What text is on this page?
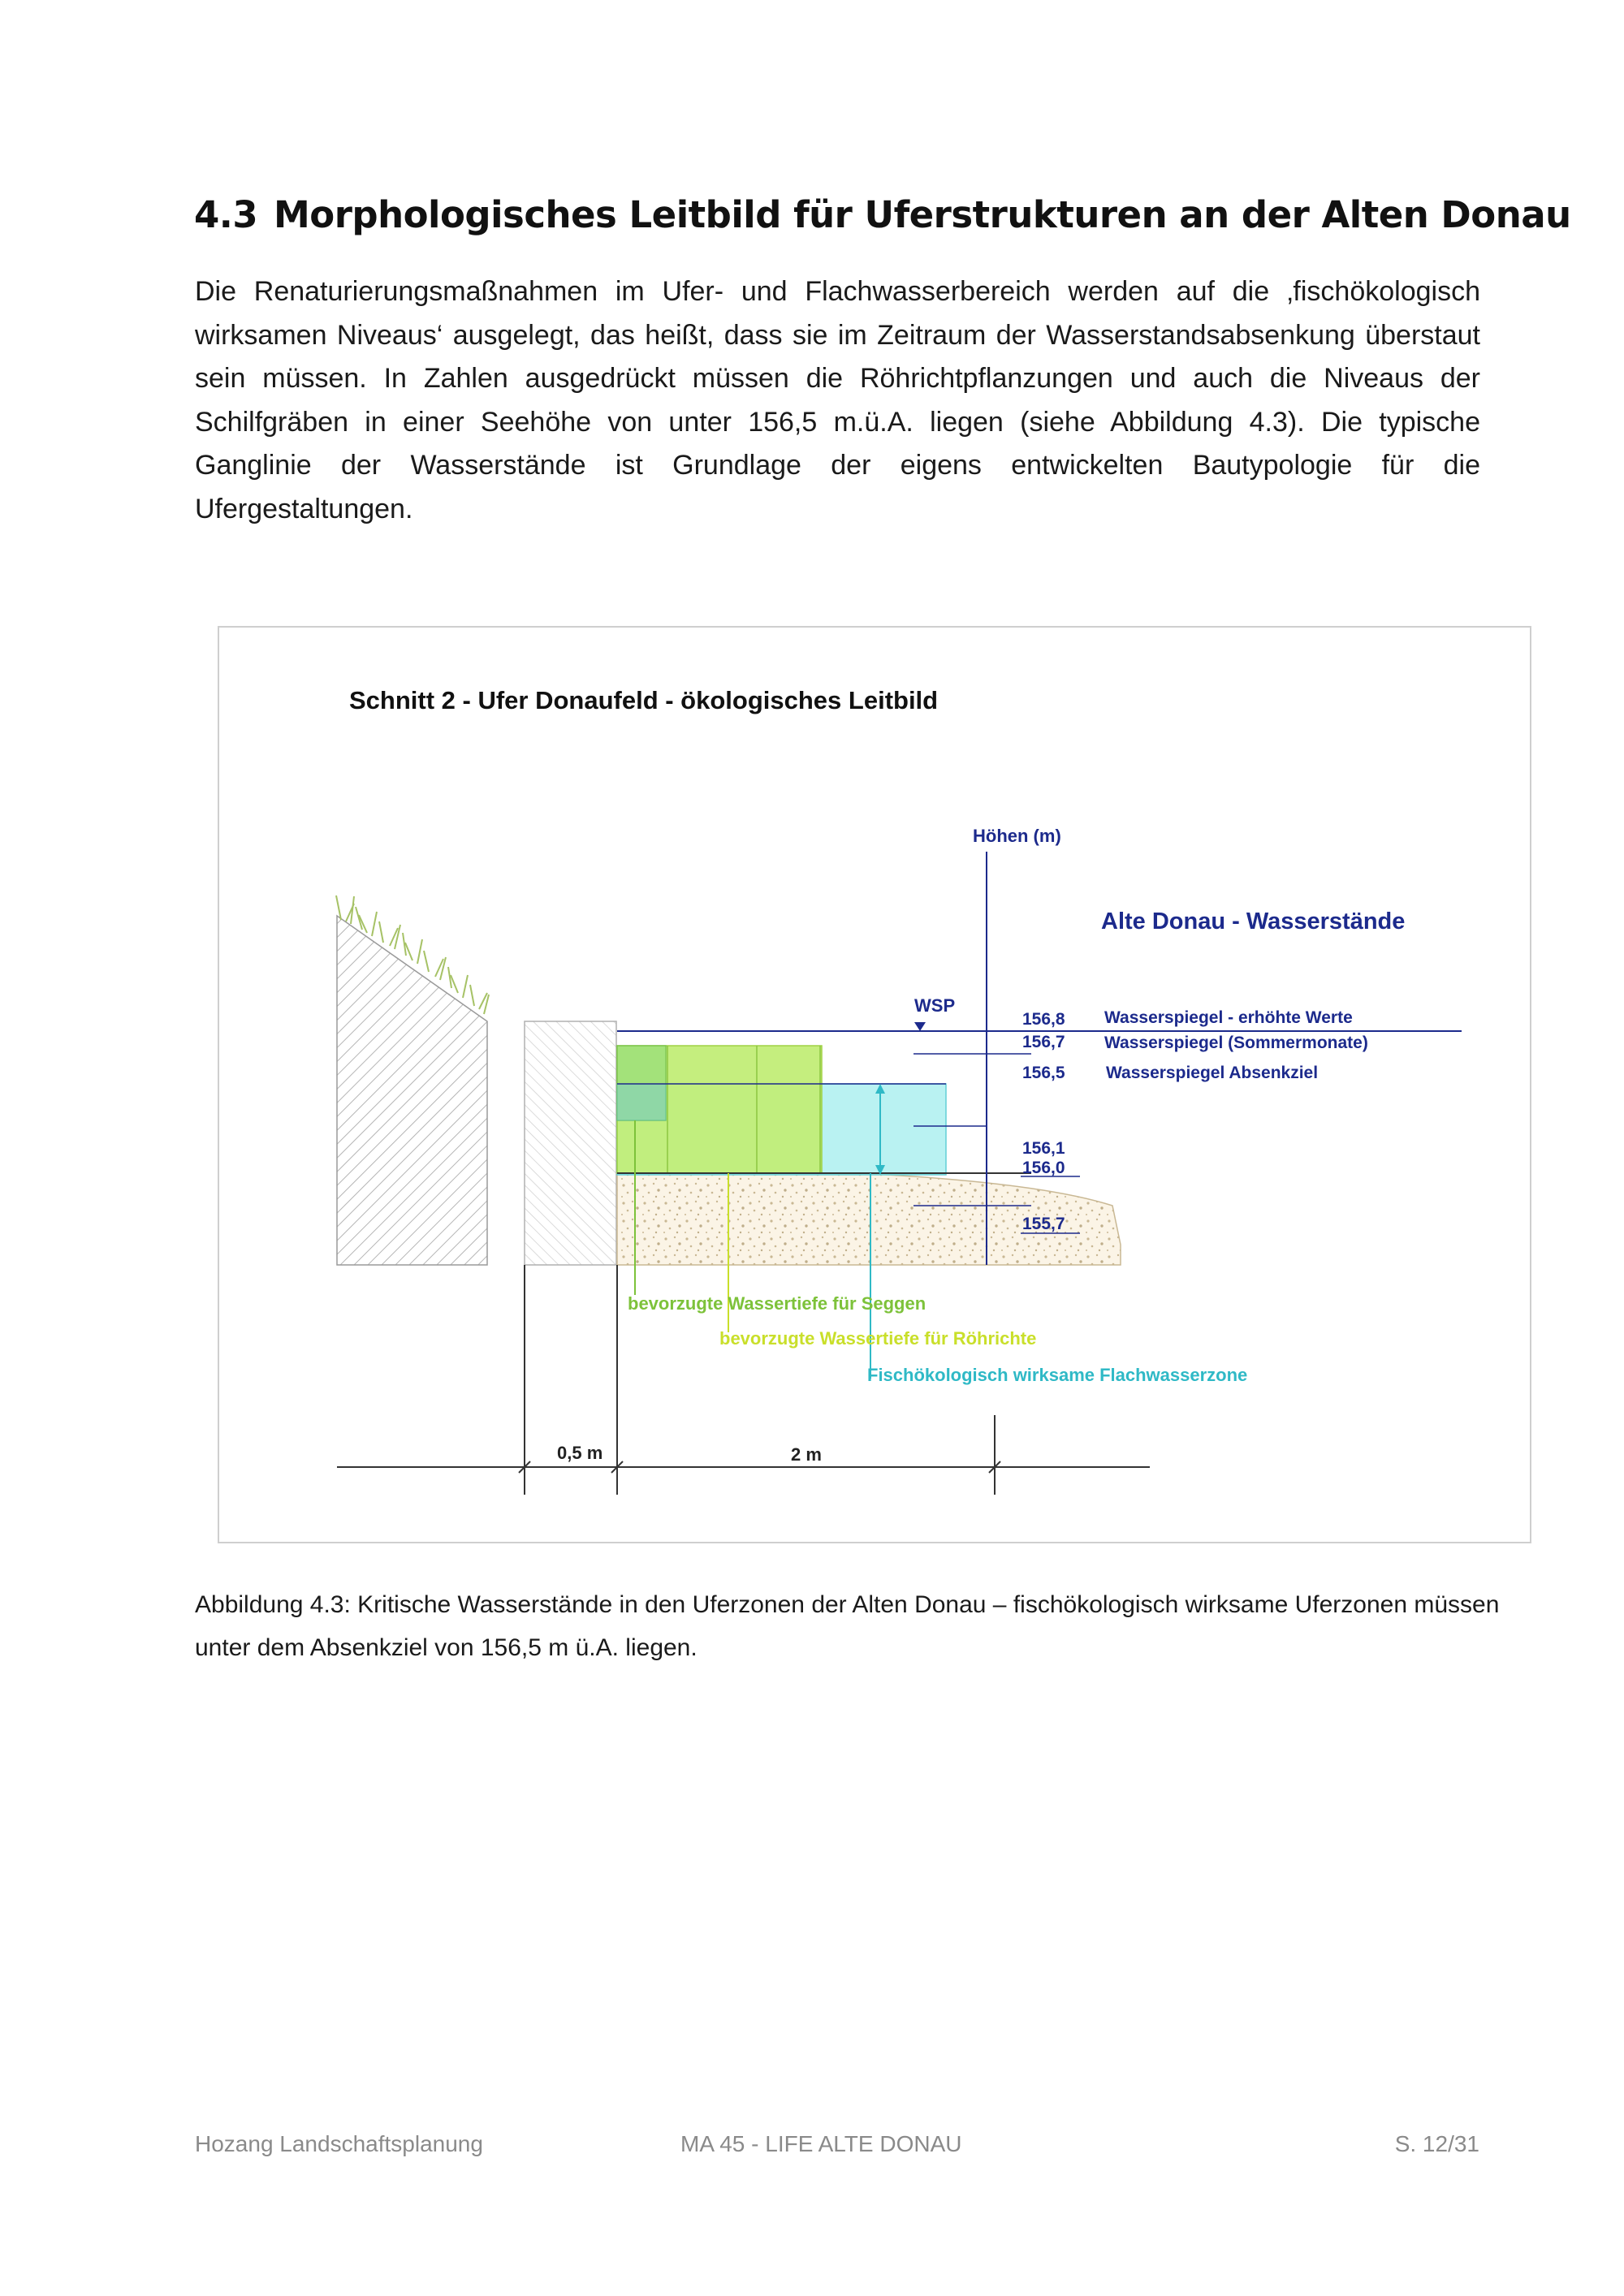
4.3 Morphologisches Leitbild für Uferstrukturen an der Alten Donau

Die Renaturierungsmaßnahmen im Ufer- und Flachwasserbereich werden auf die ‚fischökologisch wirksamen Niveaus‘ ausgelegt, das heißt, dass sie im Zeitraum der Wasserstandsabsenkung überstaut sein müssen. In Zahlen ausgedrückt müssen die Röhrichtpflanzungen und auch die Niveaus der Schilfgräben in einer Seehöhe von unter 156,5 m.ü.A. liegen (siehe Abbildung 4.3). Die typische Ganglinie der Wasserstände ist Grundlage der eigens entwickelten Bautypologie für die Ufergestaltungen.

Schnitt 2 - Ufer Donaufeld - ökologisches Leitbild
Höhen (m)
Alte Donau - Wasserstände
WSP
156,8 Wasserspiegel - erhöhte Werte
156,7 Wasserspiegel (Sommermonate)
156,5 Wasserspiegel Absenkziel
156,1
156,0
155,7
bevorzugte Wassertiefe für Seggen
bevorzugte Wassertiefe für Röhrichte
Fischökologisch wirksame Flachwasserzone
0,5 m	2 m

Abbildung 4.3: Kritische Wasserstände in den Uferzonen der Alten Donau – fischökologisch wirksame Uferzonen müssen unter dem Absenkziel von 156,5 m ü.A. liegen.

Hozang Landschaftsplanung	MA 45 - LIFE ALTE DONAU	S. 12/31
